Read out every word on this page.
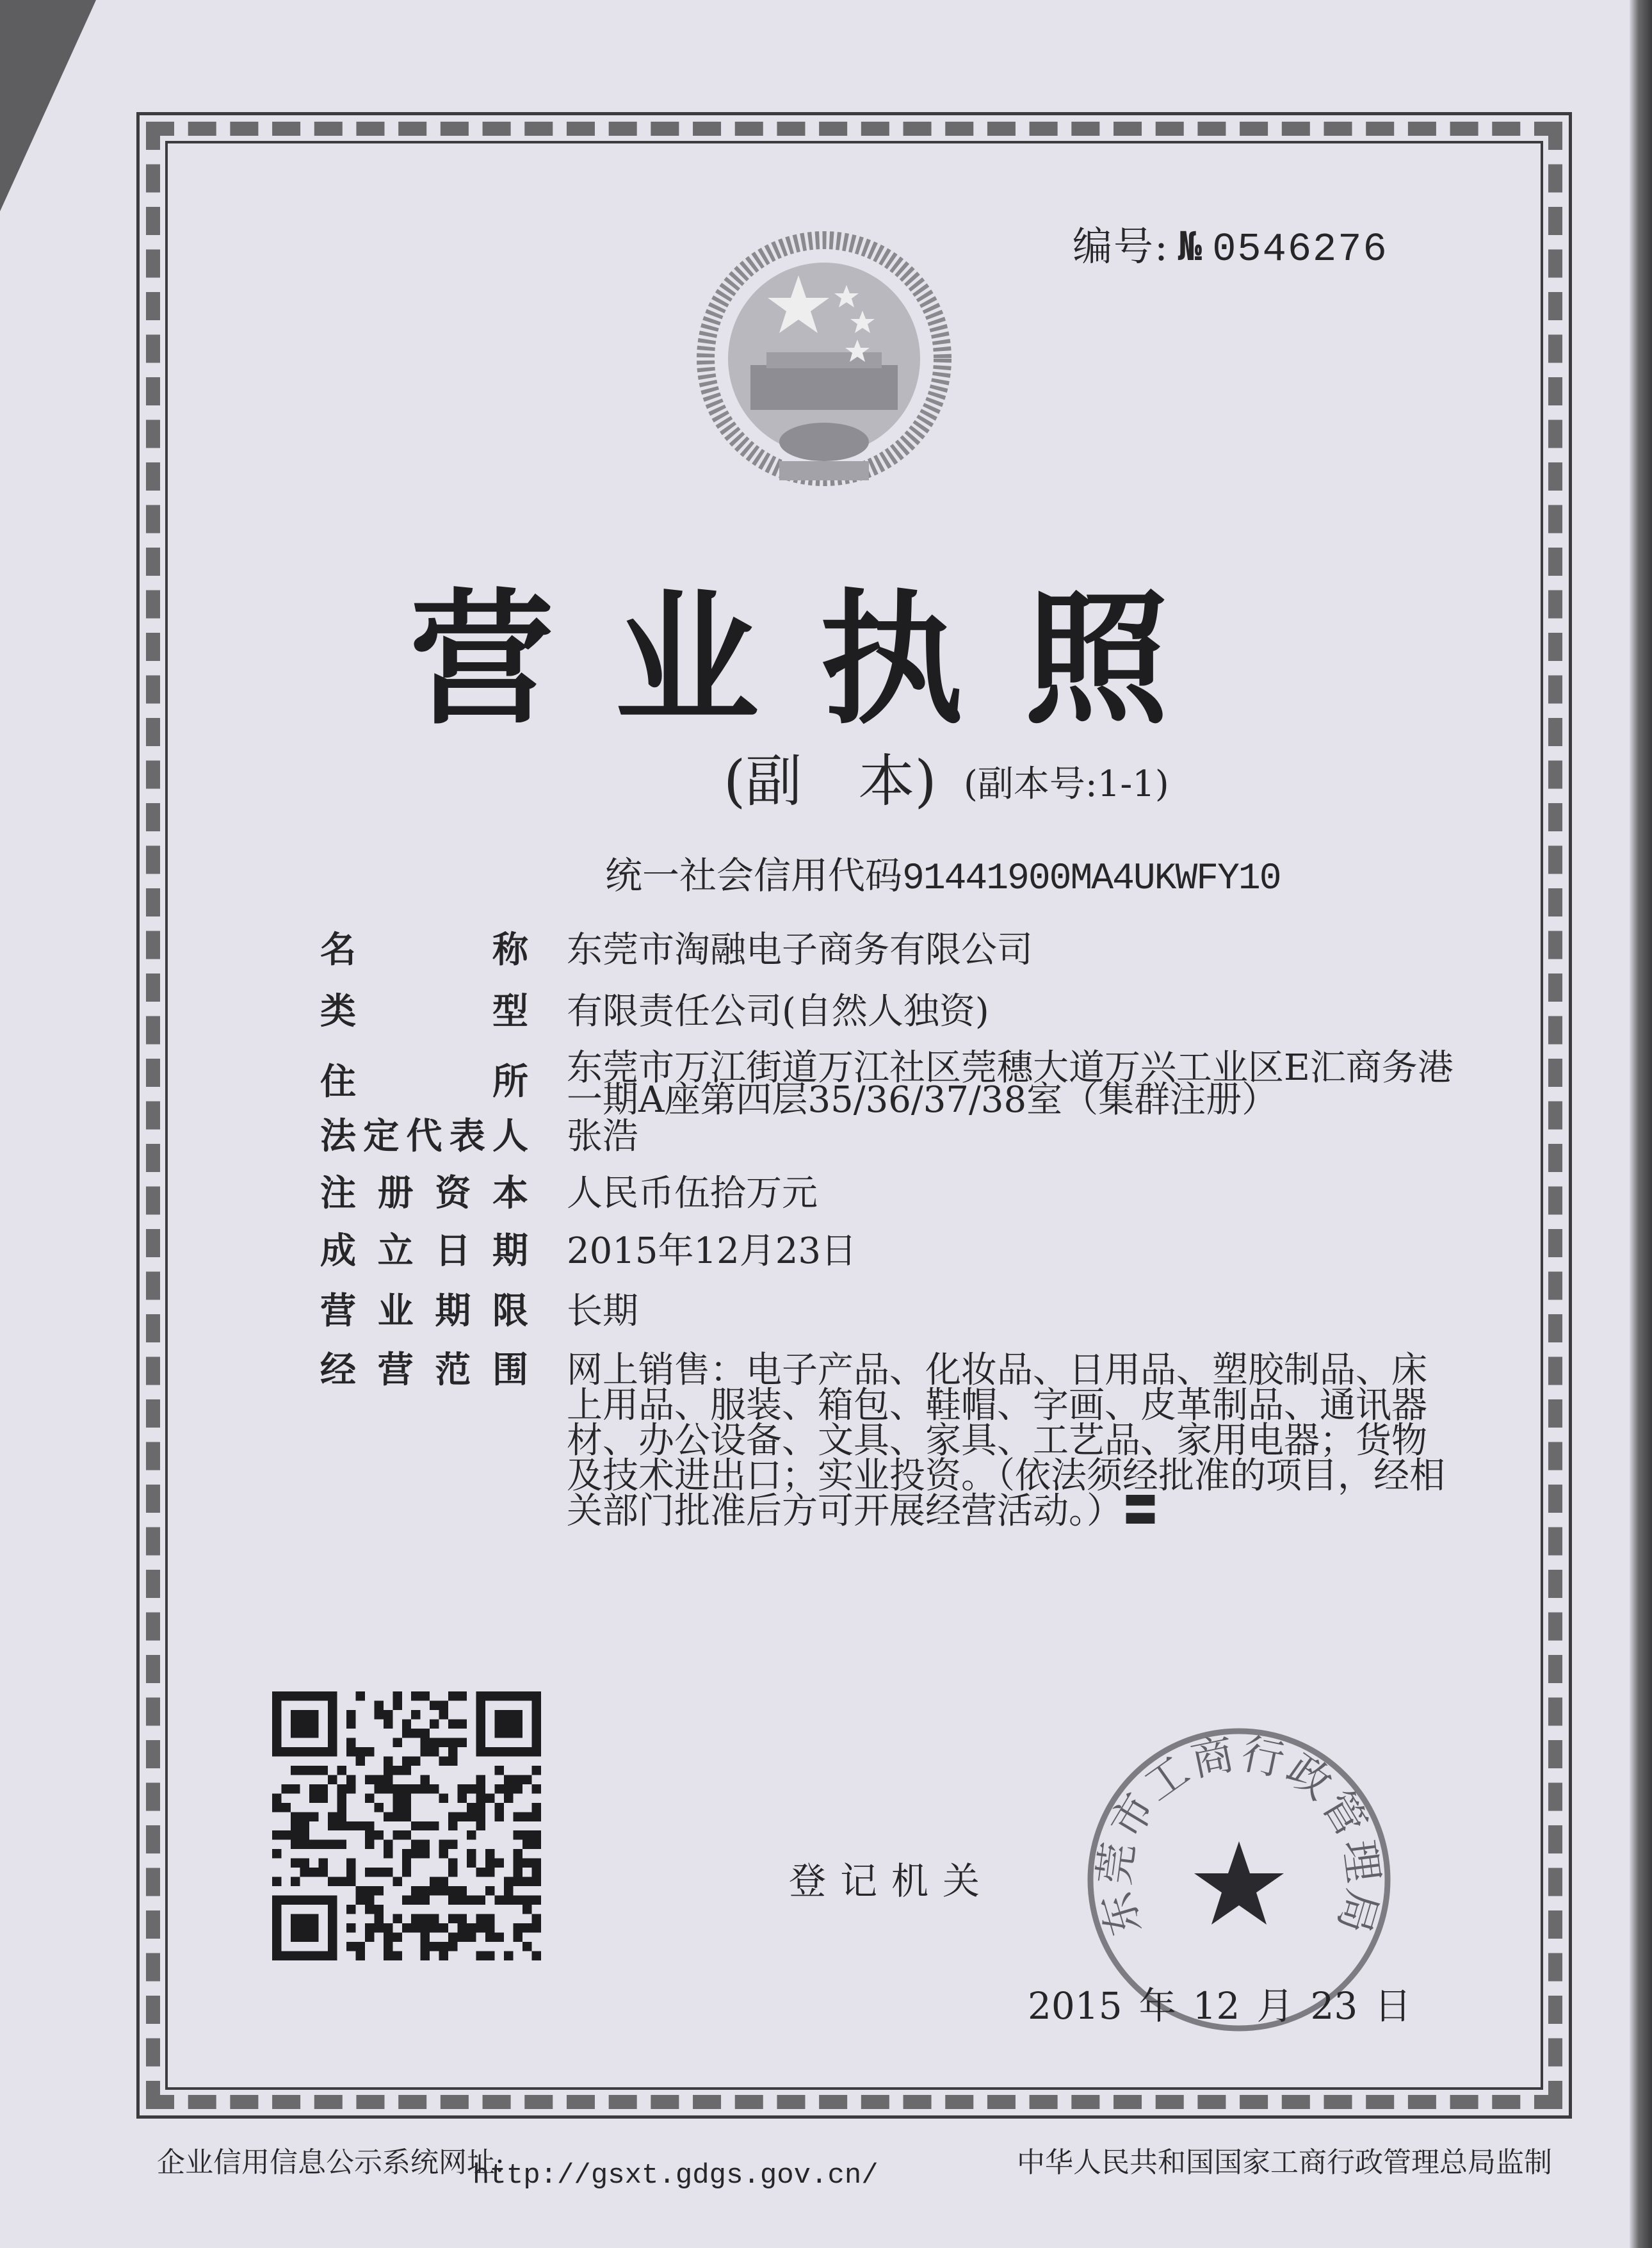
编号: № 0546276
营业执照
(副　本) (副本号:1-1)
统一社会信用代码91441900MA4UKWFY10
名称 东莞市淘融电子商务有限公司
类型 有限责任公司(自然人独资)
住所 东莞市万江街道万江社区莞穗大道万兴工业区E汇商务港一期A座第四层35/36/37/38室（集群注册）
法定代表人 张浩
注册资本 人民币伍拾万元
成立日期 2015年12月23日
营业期限 长期
经营范围 网上销售：电子产品、化妆品、日用品、塑胶制品、床上用品、服装、箱包、鞋帽、字画、皮革制品、通讯器材、办公设备、文具、家具、工艺品、家用电器；货物及技术进出口；实业投资。（依法须经批准的项目，经相关部门批准后方可开展经营活动。）〓
登记机关
东莞市工商行政管理局
2015 年 12 月 23 日
企业信用信息公示系统网址:
http://gsxt.gdgs.gov.cn/	中华人民共和国国家工商行政管理总局监制
